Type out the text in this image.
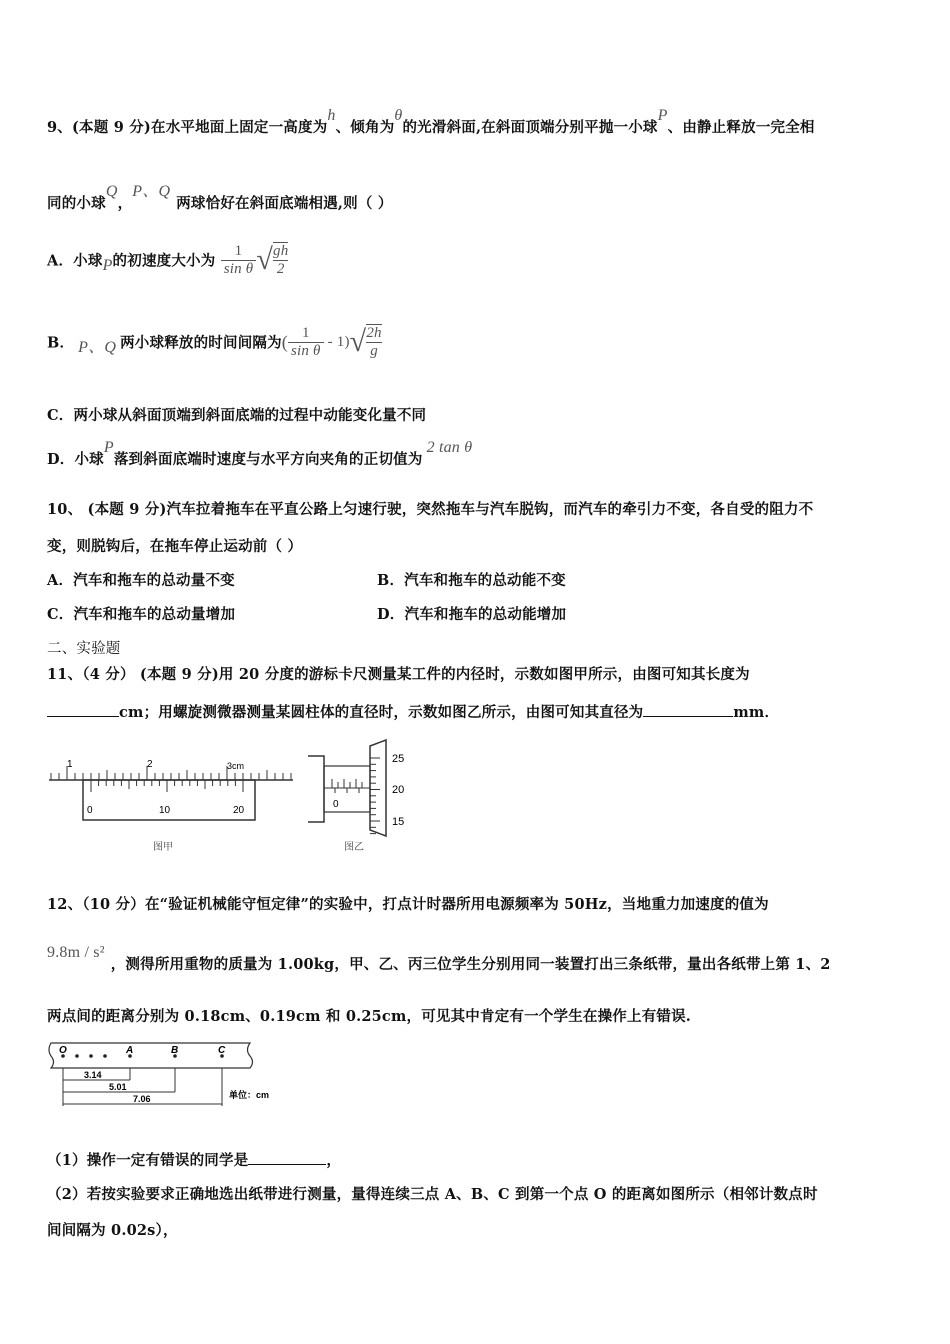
9、(本题 9 分)在水平地面上固定一高度为h、倾角为θ的光滑斜面,在斜面顶端分别平抛一小球P、由静止释放一完全相
同的小球Q，P、Q两球恰好在斜面底端相遇,则（ ）
A．小球P的初速度大小为 $\frac{1}{\text{sin θ}}$ √ $\frac{gh}{2}$
B． P、Q 两小球释放的时间间隔为( $\frac{1}{\text{sin θ}} - 1)√ \frac{2h}{g}$
C．两小球从斜面顶端到斜面底端的过程中动能变化量不同
D．小球P落到斜面底端时速度与水平方向夹角的正切值为2 tan θ
10、 (本题 9 分)汽车拉着拖车在平直公路上匀速行驶，突然拖车与汽车脱钩，而汽车的牵引力不变，各自受的阻力不
变，则脱钩后，在拖车停止运动前（ ）
A．汽车和拖车的总动量不变	B．汽车和拖车的总动能不变
C．汽车和拖车的总动量增加	D．汽车和拖车的总动能增加
二、实验题
11、（4 分） (本题 9 分)用 20 分度的游标卡尺测量某工件的内径时，示数如图甲所示，由图可知其长度为
cm；用螺旋测微器测量某圆柱体的直径时，示数如图乙所示，由图可知其直径为	mm．
1	2	3cm
0	10	20
图甲
0
25
20
15
图乙
12、（10 分）在“验证机械能守恒定律”的实验中，打点计时器所用电源频率为 50Hz，当地重力加速度的值为
9.8m / s²，测得所用重物的质量为 1.00kg，甲、乙、丙三位学生分别用同一装置打出三条纸带，量出各纸带上第 1、2
两点间的距离分别为 0.18cm、0.19cm 和 0.25cm，可见其中肯定有一个学生在操作上有错误.
O	A	B	C
3.14
5.01
7.06	单位：cm
（1）操作一定有错误的同学是	，
（2）若按实验要求正确地选出纸带进行测量，量得连续三点 A、B、C 到第一个点 O 的距离如图所示（相邻计数点时
间间隔为 0.02s），
